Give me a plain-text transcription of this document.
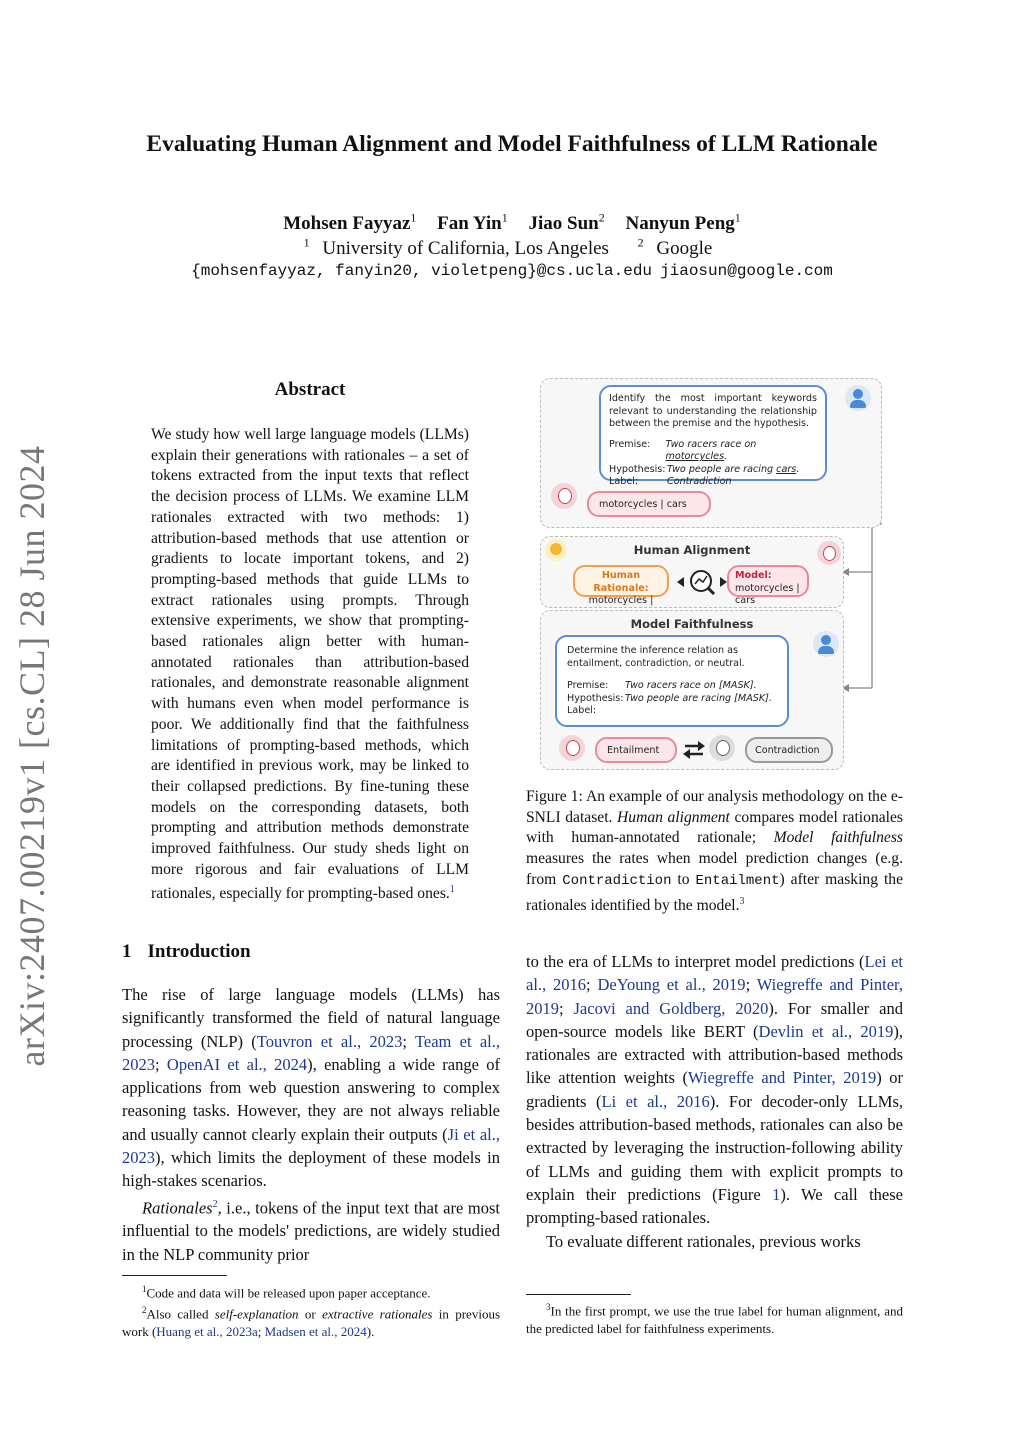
Evaluating Human Alignment and Model Faithfulness of LLM Rationale
Mohsen Fayyaz$^1$ Fan Yin$^1$ Jiao Sun$^2$ Nanyun Peng$^1$
$^1$ University of California, Los Angeles $^2$ Google
{mohsenfayyaz, fanyin20, violetpeng}@cs.ucla.edu jiaosun@google.com
arXiv:2407.00219v1 [cs.CL] 28 Jun 2024
Abstract
We study how well large language models (LLMs) explain their generations with rationales – a set of tokens extracted from the input texts that reflect the decision process of LLMs. We examine LLM rationales extracted with two methods: 1) attribution-based methods that use attention or gradients to locate important tokens, and 2) prompting-based methods that guide LLMs to extract rationales using prompts. Through extensive experiments, we show that prompting-based rationales align better with human-annotated rationales than attribution-based rationales, and demonstrate reasonable alignment with humans even when model performance is poor. We additionally find that the faithfulness limitations of prompting-based methods, which are identified in previous work, may be linked to their collapsed predictions. By fine-tuning these models on the corresponding datasets, both prompting and attribution methods demonstrate improved faithfulness. Our study sheds light on more rigorous and fair evaluations of LLM rationales, especially for prompting-based ones.$^1$
1 Introduction

The rise of large language models (LLMs) has significantly transformed the field of natural language processing (NLP) (Touvron et al., 2023; Team et al., 2023; OpenAI et al., 2024), enabling a wide range of applications from web question answering to complex reasoning tasks. However, they are not always reliable and usually cannot clearly explain their outputs (Ji et al., 2023), which limits the deployment of these models in high-stakes scenarios.

Rationales$^2$, i.e., tokens of the input text that are most influential to the models' predictions, are widely studied in the NLP community prior

$^1$Code and data will be released upon paper acceptance.
$^2$Also called self-explanation or extractive rationales in previous work (Huang et al., 2023a; Madsen et al., 2024).

to the era of LLMs to interpret model predictions (Lei et al., 2016; DeYoung et al., 2019; Wiegreffe and Pinter, 2019; Jacovi and Goldberg, 2020). For smaller and open-source models like BERT (Devlin et al., 2019), rationales are extracted with attribution-based methods like attention weights (Wiegreffe and Pinter, 2019) or gradients (Li et al., 2016). For decoder-only LLMs, besides attribution-based methods, rationales can also be extracted by leveraging the instruction-following ability of LLMs and guiding them with explicit prompts to explain their predictions (Figure 1). We call these prompting-based rationales.

To evaluate different rationales, previous works

$^3$In the first prompt, we use the true label for human alignment, and the predicted label for faithfulness experiments.
Figure 1: An example of our analysis methodology on the e-SNLI dataset. Human alignment compares model rationales with human-annotated rationale; Model faithfulness measures the rates when model prediction changes (e.g. from Contradiction to Entailment) after masking the rationales identified by the model.$^3$
Identify the most important keywords relevant to understanding the relationship between the premise and the hypothesis.
Premise:	Two racers race on motorcycles.
Hypothesis: Two people are racing cars.
Label:	Contradiction
motorcycles | cars
Human Alignment
Human Rationale:
motorcycles |
Model:
motorcycles | cars
Model Faithfulness
Determine the inference relation as entailment, contradiction, or neutral.
Premise:	Two racers race on [MASK].
Hypothesis: Two people are racing [MASK].
Label:
Entailment	Contradiction
